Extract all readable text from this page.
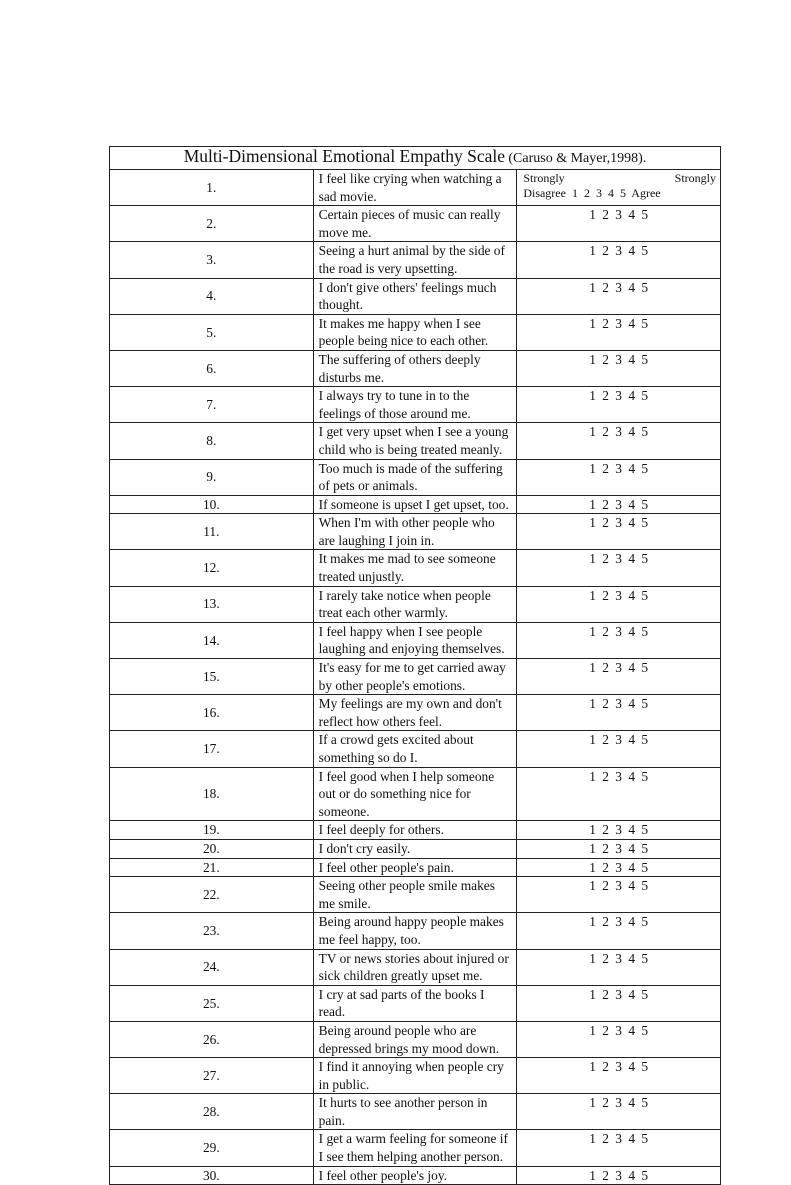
Multi-Dimensional Emotional Empathy Scale (Caruso & Mayer,1998).		
1.	I feel like crying when watching a sad movie.	Strongly Strongly
Disagree 1 2 3 4 5 Agree

2.	Certain pieces of music can really move me.	1 2 3 4 5
3.	Seeing a hurt animal by the side of the road is very upsetting.	1 2 3 4 5
4.	I don't give others' feelings much thought.	1 2 3 4 5
5.	It makes me happy when I see people being nice to each other.	1 2 3 4 5
6.	The suffering of others deeply disturbs me.	1 2 3 4 5
7.	I always try to tune in to the feelings of those around me.	1 2 3 4 5
8.	I get very upset when I see a young child who is being treated meanly.	1 2 3 4 5
9.	Too much is made of the suffering of pets or animals.	1 2 3 4 5
10.	If someone is upset I get upset, too.	1 2 3 4 5
11.	When I'm with other people who are laughing I join in.	1 2 3 4 5
12.	It makes me mad to see someone treated unjustly.	1 2 3 4 5
13.	I rarely take notice when people treat each other warmly.	1 2 3 4 5
14.	I feel happy when I see people laughing and enjoying themselves.	1 2 3 4 5
15.	It's easy for me to get carried away by other people's emotions.	1 2 3 4 5
16.	My feelings are my own and don't reflect how others feel.	1 2 3 4 5
17.	If a crowd gets excited about something so do I.	1 2 3 4 5
18.	I feel good when I help someone out or do something nice for someone.	1 2 3 4 5
19.	I feel deeply for others.	1 2 3 4 5
20.	I don't cry easily.	1 2 3 4 5
21.	I feel other people's pain.	1 2 3 4 5
22.	Seeing other people smile makes me smile.	1 2 3 4 5
23.	Being around happy people makes me feel happy, too.	1 2 3 4 5
24.	TV or news stories about injured or sick children greatly upset me.	1 2 3 4 5
25.	I cry at sad parts of the books I read.	1 2 3 4 5
26.	Being around people who are depressed brings my mood down.	1 2 3 4 5
27.	I find it annoying when people cry in public.	1 2 3 4 5
28.	It hurts to see another person in pain.	1 2 3 4 5
29.	I get a warm feeling for someone if I see them helping another person.	1 2 3 4 5
30.	I feel other people's joy.	1 2 3 4 5
